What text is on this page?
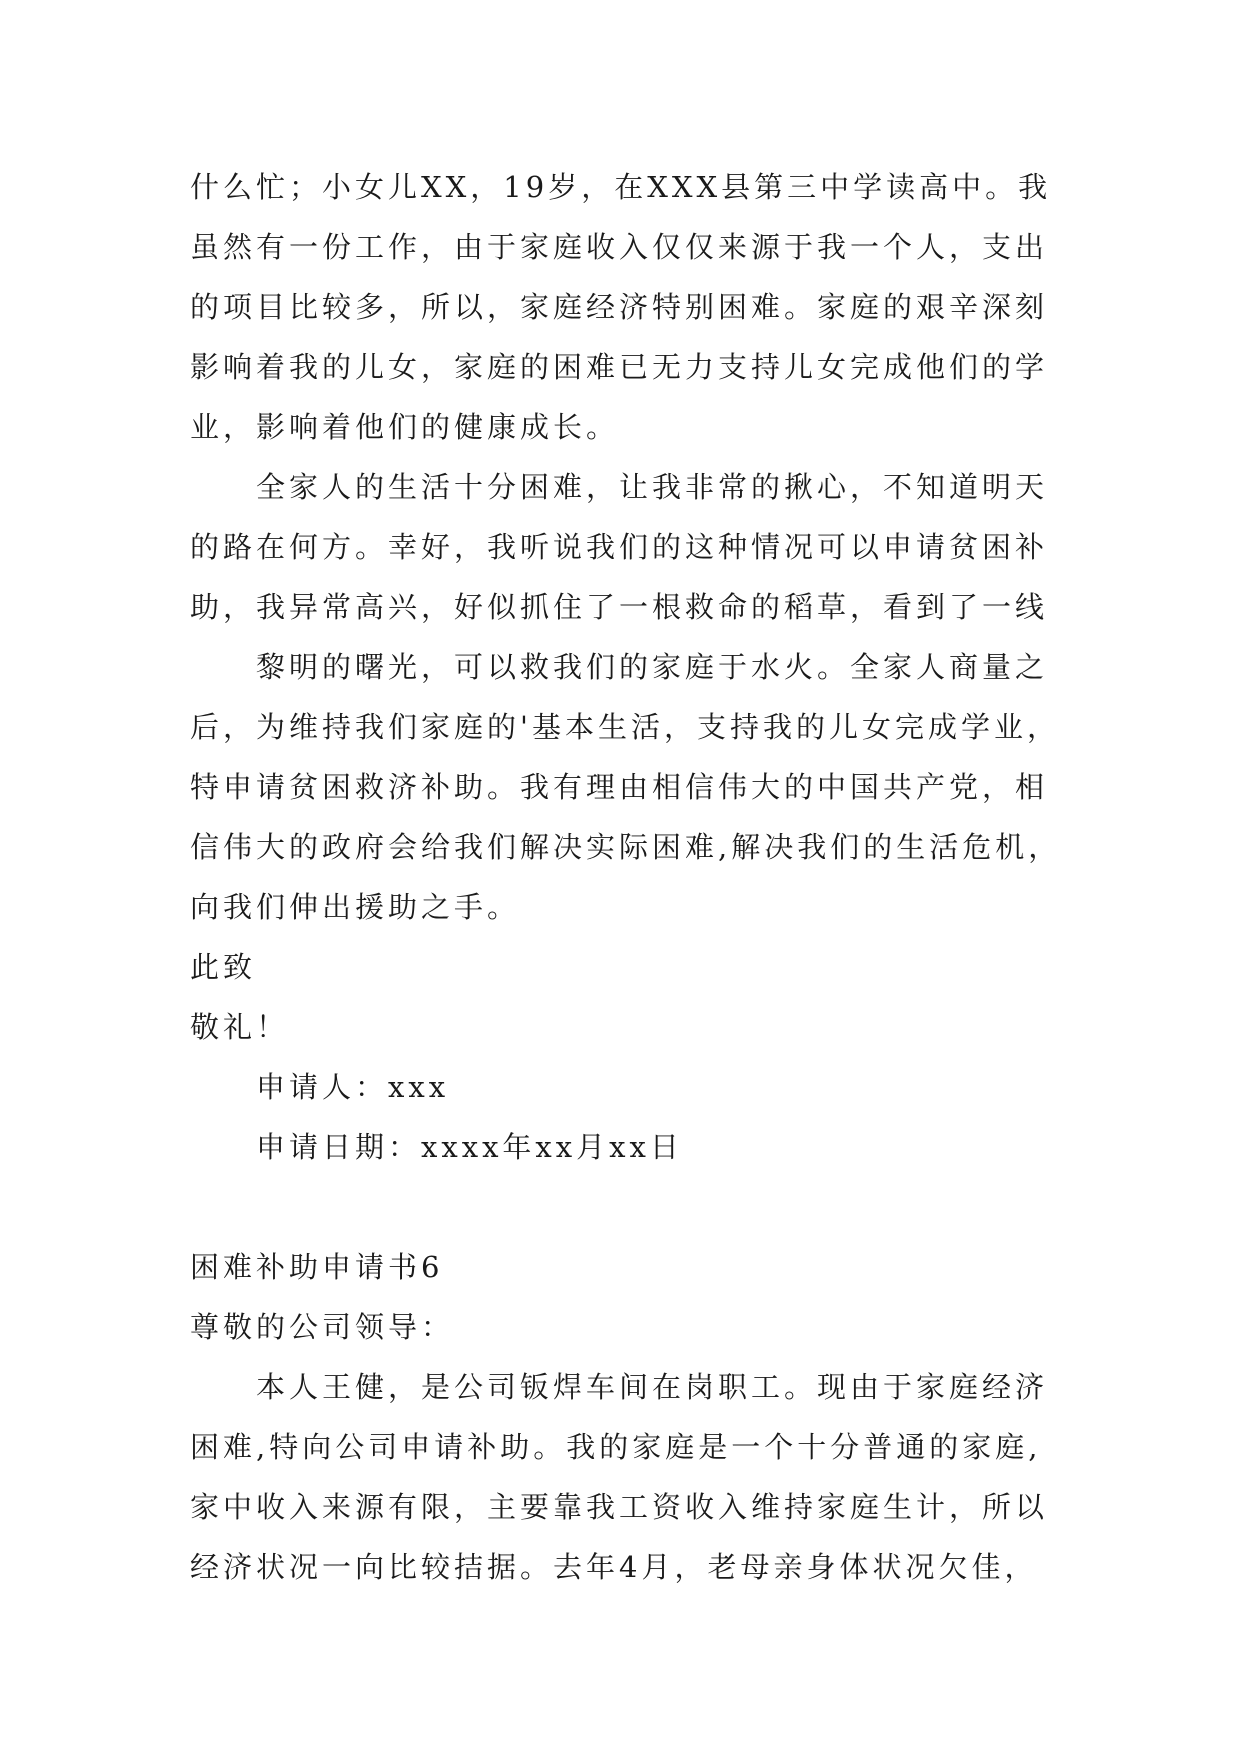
什么忙；小女儿XX，19岁，在XXX县第三中学读高中。我
虽然有一份工作，由于家庭收入仅仅来源于我一个人，支出
的项目比较多，所以，家庭经济特别困难。家庭的艰辛深刻
影响着我的儿女，家庭的困难已无力支持儿女完成他们的学
业，影响着他们的健康成长。
全家人的生活十分困难，让我非常的揪心，不知道明天
的路在何方。幸好，我听说我们的这种情况可以申请贫困补
助，我异常高兴，好似抓住了一根救命的稻草，看到了一线
黎明的曙光，可以救我们的家庭于水火。全家人商量之
后，为维持我们家庭的'基本生活，支持我的儿女完成学业，
特申请贫困救济补助。我有理由相信伟大的中国共产党，相
信伟大的政府会给我们解决实际困难,解决我们的生活危机，
向我们伸出援助之手。
此致
敬礼！
申请人：xxx
申请日期：xxxx年xx月xx日
困难补助申请书6
尊敬的公司领导：
本人王健，是公司钣焊车间在岗职工。现由于家庭经济
困难,特向公司申请补助。我的家庭是一个十分普通的家庭,
家中收入来源有限，主要靠我工资收入维持家庭生计，所以
经济状况一向比较拮据。去年4月，老母亲身体状况欠佳，
